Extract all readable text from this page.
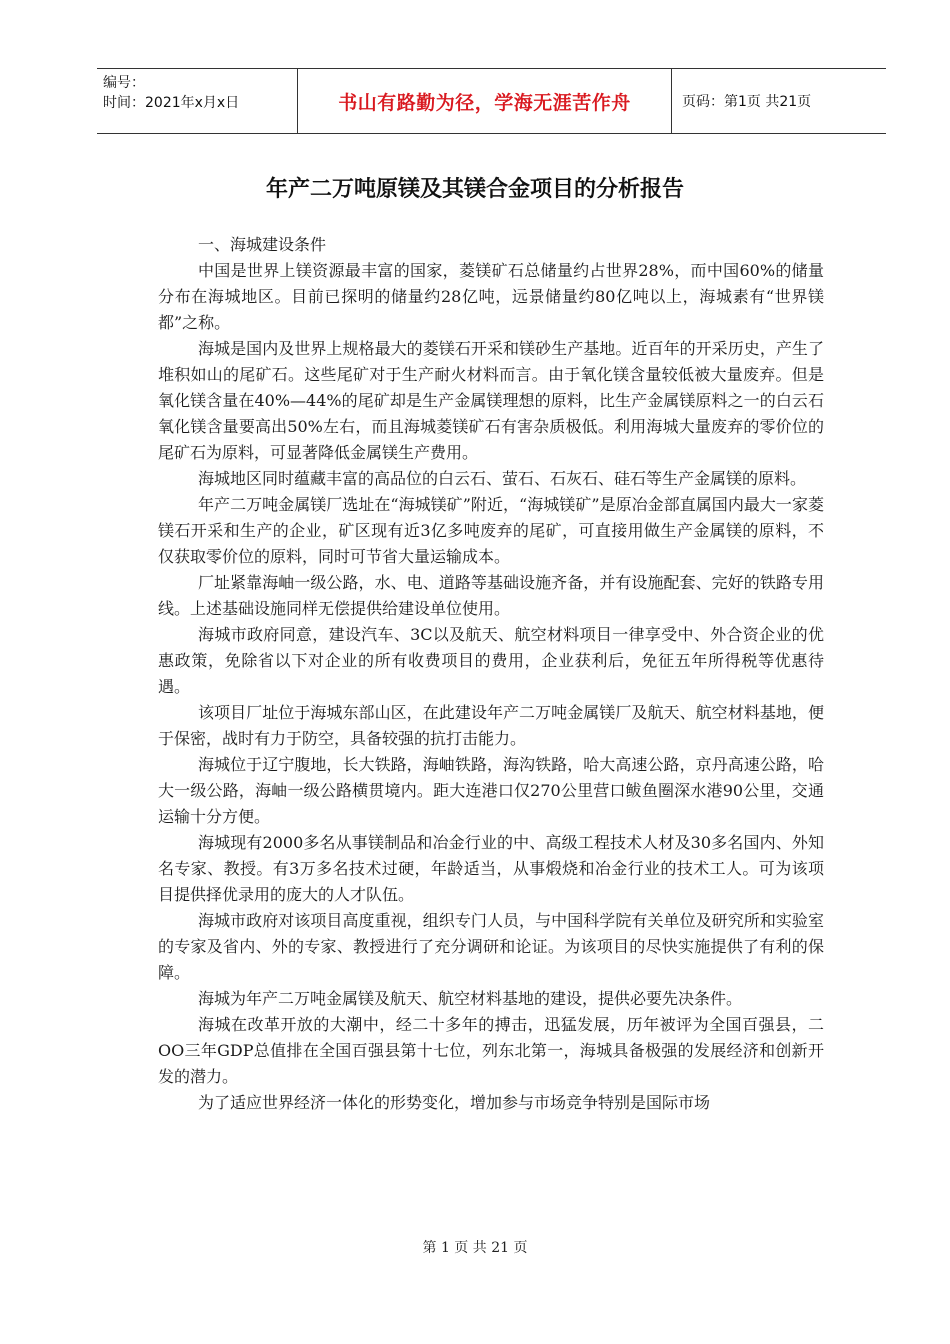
编号：
时间：2021年x月x日	书山有路勤为径，学海无涯苦作舟	页码：第1页 共21页
年产二万吨原镁及其镁合金项目的分析报告

一、海城建设条件

中国是世界上镁资源最丰富的国家，菱镁矿石总储量约占世界28%，而中国60%的储量分布在海城地区。目前已探明的储量约28亿吨，远景储量约80亿吨以上，海城素有“世界镁都”之称。

海城是国内及世界上规格最大的菱镁石开采和镁砂生产基地。近百年的开采历史，产生了堆积如山的尾矿石。这些尾矿对于生产耐火材料而言。由于氧化镁含量较低被大量废弃。但是氧化镁含量在40%—44%的尾矿却是生产金属镁理想的原料，比生产金属镁原料之一的白云石氧化镁含量要高出50%左右，而且海城菱镁矿石有害杂质极低。利用海城大量废弃的零价位的尾矿石为原料，可显著降低金属镁生产费用。

海城地区同时蕴藏丰富的高品位的白云石、萤石、石灰石、硅石等生产金属镁的原料。

年产二万吨金属镁厂选址在“海城镁矿”附近，“海城镁矿”是原冶金部直属国内最大一家菱镁石开采和生产的企业，矿区现有近3亿多吨废弃的尾矿，可直接用做生产金属镁的原料，不仅获取零价位的原料，同时可节省大量运输成本。

厂址紧靠海岫一级公路，水、电、道路等基础设施齐备，并有设施配套、完好的铁路专用线。上述基础设施同样无偿提供给建设单位使用。

海城市政府同意，建设汽车、3C以及航天、航空材料项目一律享受中、外合资企业的优惠政策，免除省以下对企业的所有收费项目的费用，企业获利后，免征五年所得税等优惠待遇。

该项目厂址位于海城东部山区，在此建设年产二万吨金属镁厂及航天、航空材料基地，便于保密，战时有力于防空，具备较强的抗打击能力。

海城位于辽宁腹地，长大铁路，海岫铁路，海沟铁路，哈大高速公路，京丹高速公路，哈大一级公路，海岫一级公路横贯境内。距大连港口仅270公里营口鲅鱼圈深水港90公里，交通运输十分方便。

海城现有2000多名从事镁制品和冶金行业的中、高级工程技术人材及30多名国内、外知名专家、教授。有3万多名技术过硬，年龄适当，从事煅烧和冶金行业的技术工人。可为该项目提供择优录用的庞大的人才队伍。

海城市政府对该项目高度重视，组织专门人员，与中国科学院有关单位及研究所和实验室的专家及省内、外的专家、教授进行了充分调研和论证。为该项目的尽快实施提供了有利的保障。

海城为年产二万吨金属镁及航天、航空材料基地的建设，提供必要先决条件。

海城在改革开放的大潮中，经二十多年的搏击，迅猛发展，历年被评为全国百强县，二OO三年GDP总值排在全国百强县第十七位，列东北第一，海城具备极强的发展经济和创新开发的潜力。

为了适应世界经济一体化的形势变化，增加参与市场竞争特别是国际市场

第 1 页 共 21 页
